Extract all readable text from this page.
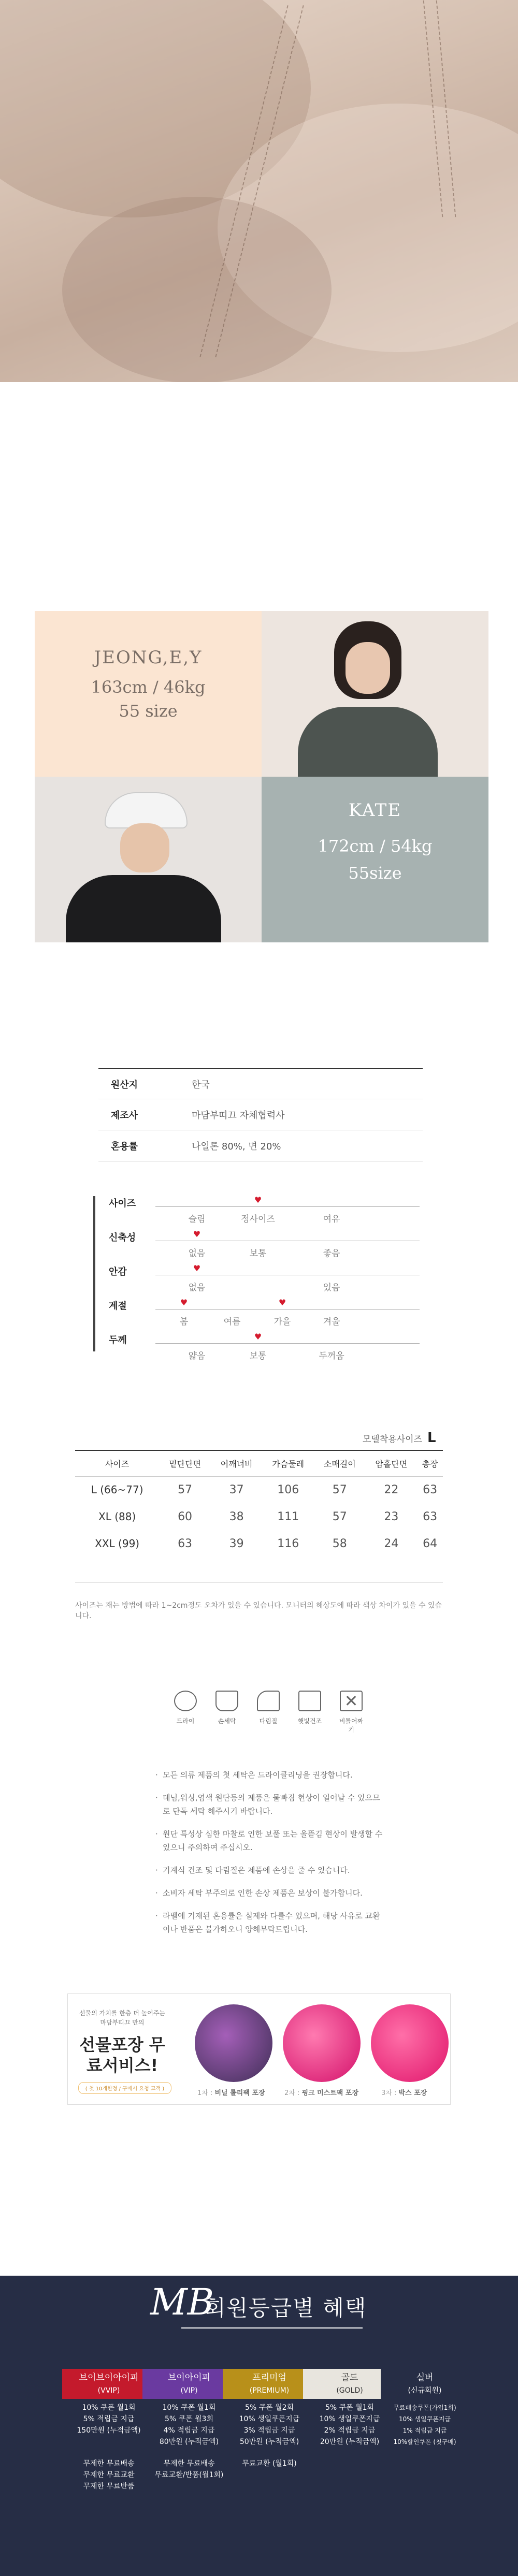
JEONG,E,Y
163cm / 46kg
55 size
KATE
172cm / 54kg
55size
원산지	한국
제조사	마담부띠끄 자체협력사
혼용률	나일론 80%, 면 20%
사이즈	♥
슬림	정사이즈	여유
신축성	♥
없음	보통	좋음
안감	♥
없음	있음
계절	♥	♥
봄	여름	가을	겨울
두께	♥
얇음	보통	두꺼움
모델착용사이즈 L
사이즈	밑단단면	어깨너비	가슴둘레	소매길이	암홀단면	총장
L (66~77)	57	37	106	57	22	63
XL (88)	60	38	111	57	23	63
XXL (99)	63	39	116	58	24	64
사이즈는 재는 방법에 따라 1~2cm정도 오차가 있을 수 있습니다. 모니터의 해상도에 따라 색상 차이가 있을 수 있습니다.
드라이	손세탁	다림질	햇빛건조
✕
비틀어짜기
· 모든 의류 제품의 첫 세탁은 드라이클리닝을 권장합니다.
· 데님,워싱,염색 원단등의 제품은 물빠짐 현상이 일어날 수 있으므로 단독 세탁 해주시기 바랍니다.
· 원단 특성상 심한 마찰로 인한 보풀 또는 올뜯김 현상이 발생할 수 있으니 주의하여 주십시오.
· 기계식 건조 및 다림질은 제품에 손상을 줄 수 있습니다.
· 소비자 세탁 부주의로 인한 손상 제품은 보상이 불가합니다.
· 라벨에 기재된 혼용률은 실제와 다를수 있으며, 해당 사유로 교환이나 반품은 불가하오니 양해부탁드립니다.
선물의 가치를 한층 더 높여주는 마담부띠끄 만의
선물포장 무료서비스!
( 첫 10개한정 / 구매시 요청 고객 )
1차 : 비닐 롤리팩 포장	2차 : 핑크 미스트팩 포장	3차 : 박스 포장
MB
회원등급별 혜택
브이브이아이피
(VVIP)
10% 쿠폰 월1회
5% 적립금 지급
150만원 (누적금액)
무제한 무료배송
무제한 무료교환
무제한 무료반품
브이아이피
(VIP)
10% 쿠폰 월1회
5% 쿠폰 월3회
4% 적립금 지급
80만원 (누적금액)
무제한 무료배송
무료교환/반품(월1회)
프리미엄
(PREMIUM)
5% 쿠폰 월2회
10% 생일쿠폰지급
3% 적립금 지급
50만원 (누적금액)
무료교환 (월1회)
골드
(GOLD)
5% 쿠폰 월1회
10% 생일쿠폰지급
2% 적립금 지급
20만원 (누적금액)
실버
(신규회원)
무료배송쿠폰(가입1회)
10% 생일쿠폰지급
1% 적립금 지급
10%할인쿠폰 (첫구매)
